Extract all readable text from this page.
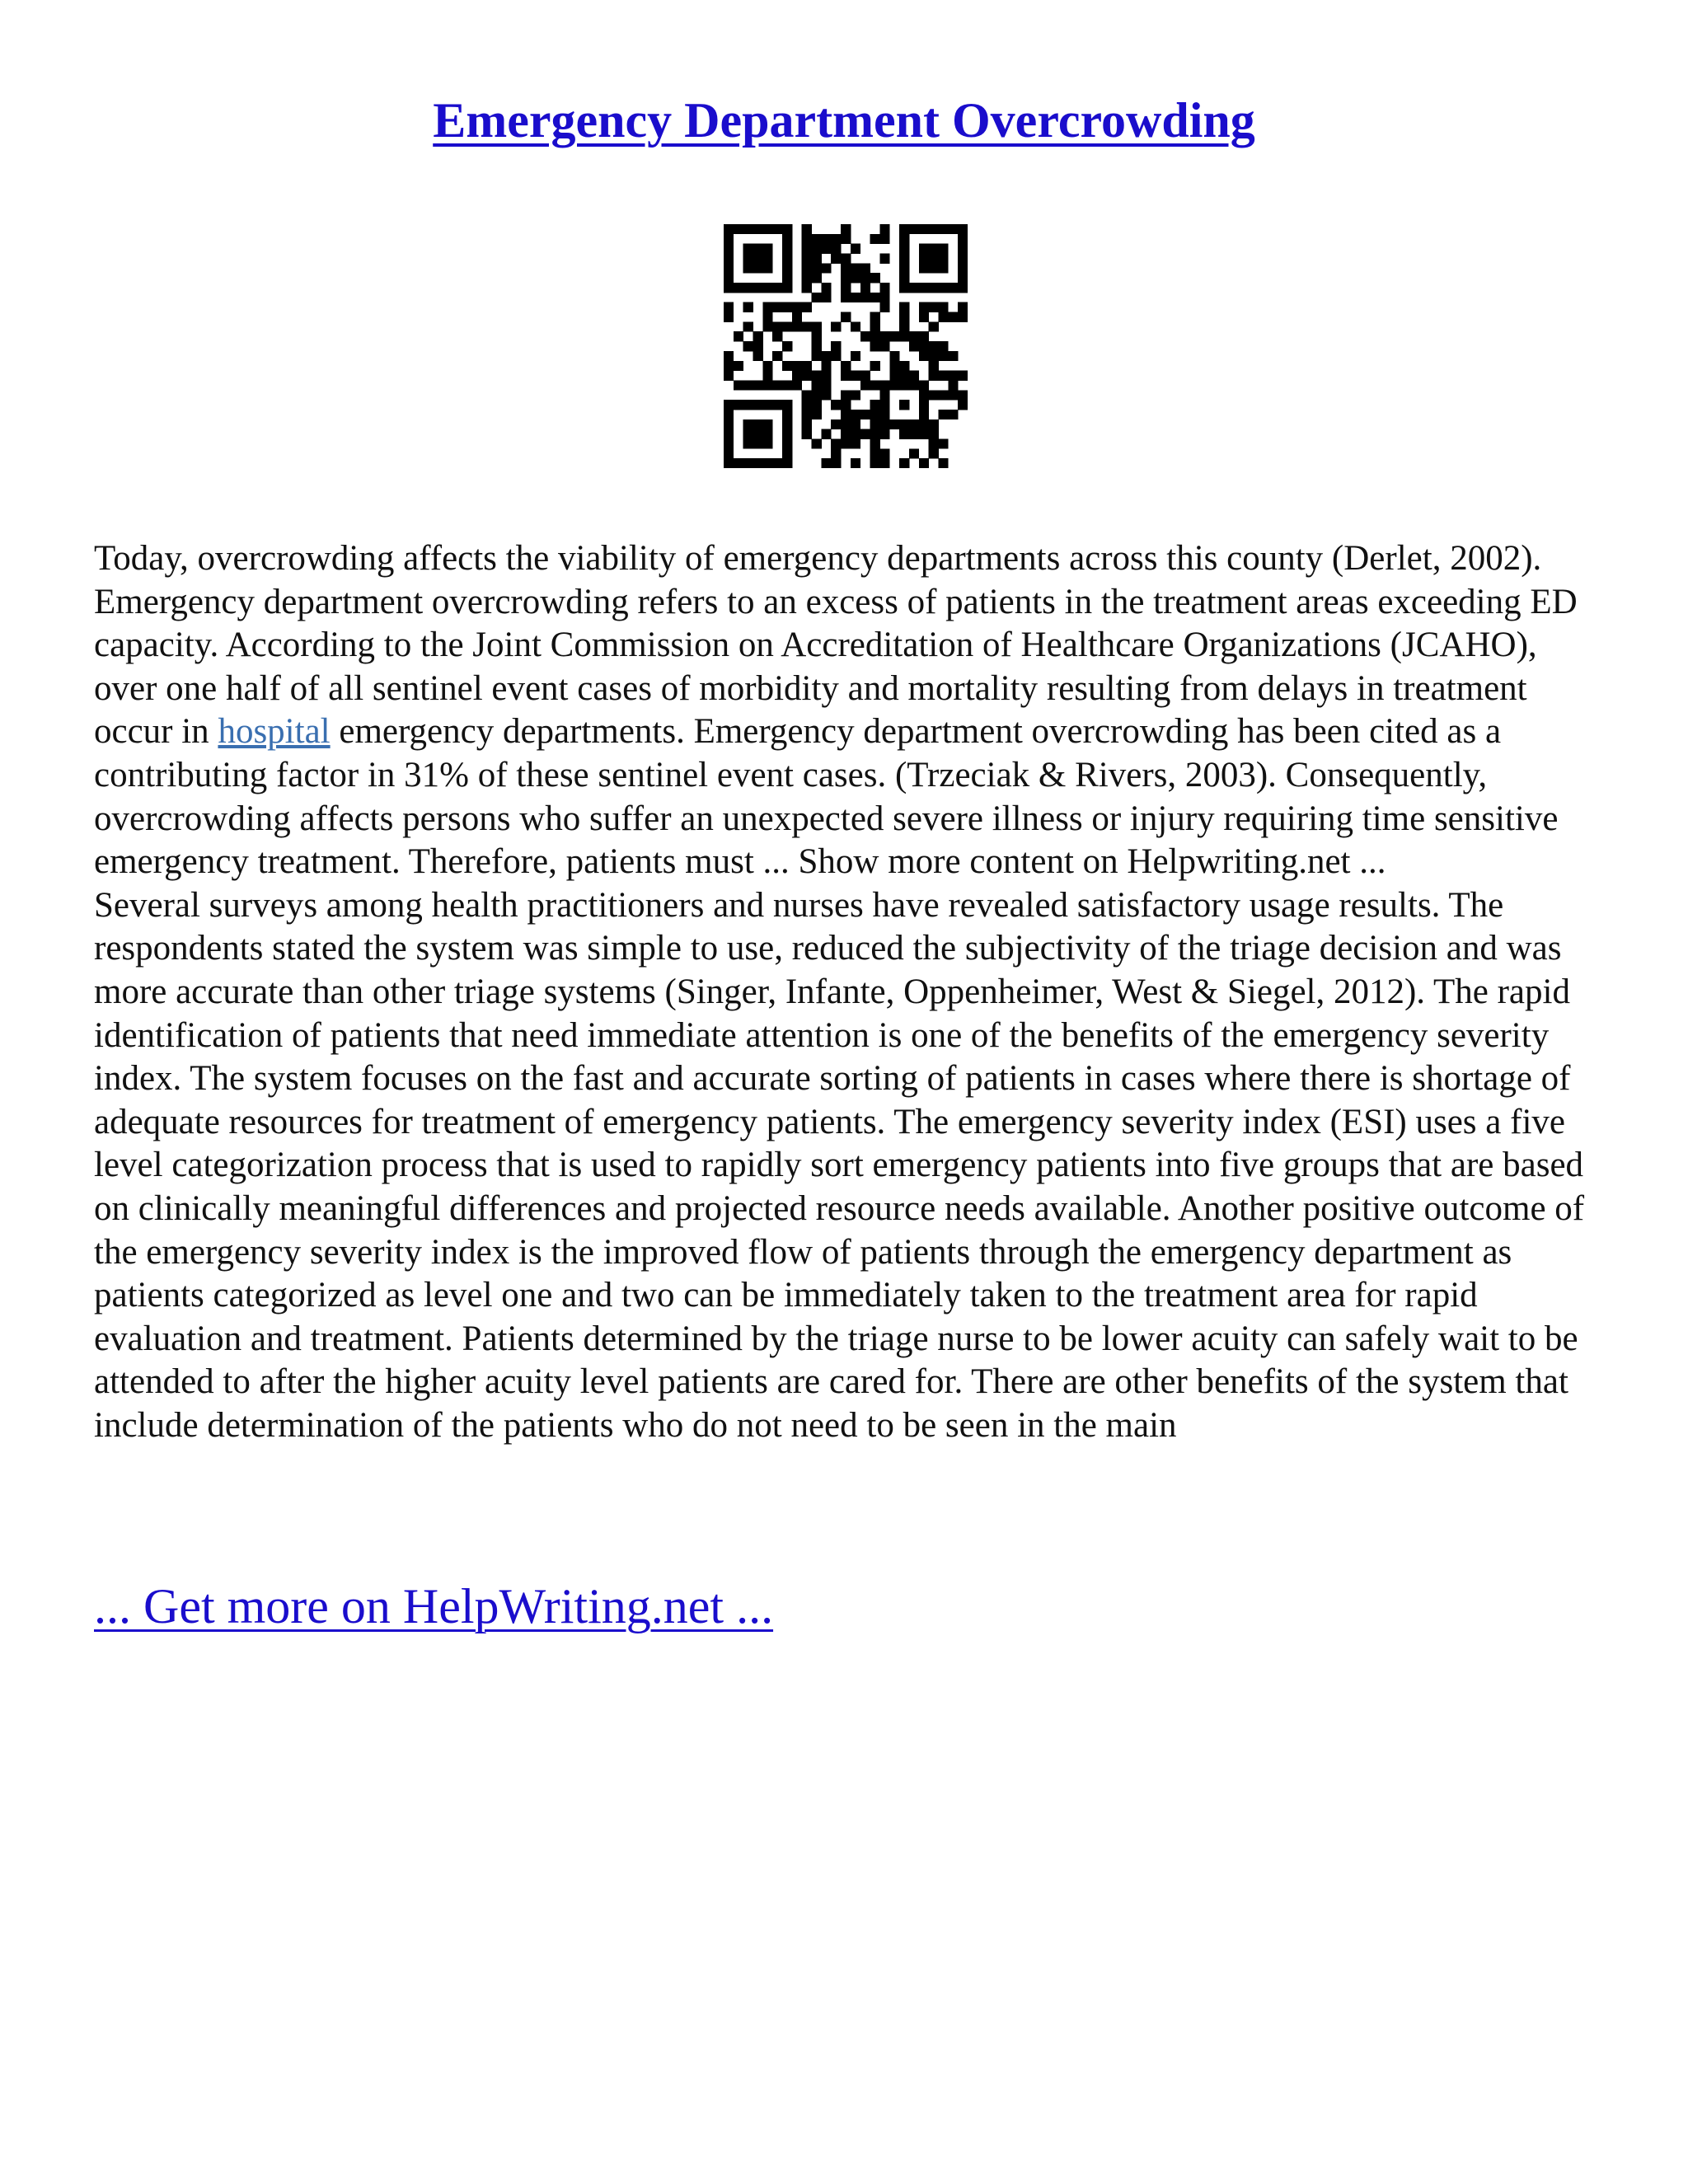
Emergency Department Overcrowding

Today, overcrowding affects the viability of emergency departments across this county (Derlet, 2002). Emergency department overcrowding refers to an excess of patients in the treatment areas exceeding ED capacity. According to the Joint Commission on Accreditation of Healthcare Organizations (JCAHO), over one half of all sentinel event cases of morbidity and mortality resulting from delays in treatment occur in hospital emergency departments. Emergency department overcrowding has been cited as a contributing factor in 31% of these sentinel event cases. (Trzeciak & Rivers, 2003). Consequently, overcrowding affects persons who suffer an unexpected severe illness or injury requiring time sensitive emergency treatment. Therefore, patients must ... Show more content on Helpwriting.net ...

Several surveys among health practitioners and nurses have revealed satisfactory usage results. The respondents stated the system was simple to use, reduced the subjectivity of the triage decision and was more accurate than other triage systems (Singer, Infante, Oppenheimer, West & Siegel, 2012). The rapid identification of patients that need immediate attention is one of the benefits of the emergency severity index. The system focuses on the fast and accurate sorting of patients in cases where there is shortage of adequate resources for treatment of emergency patients. The emergency severity index (ESI) uses a five level categorization process that is used to rapidly sort emergency patients into five groups that are based on clinically meaningful differences and projected resource needs available. Another positive outcome of the emergency severity index is the improved flow of patients through the emergency department as patients categorized as level one and two can be immediately taken to the treatment area for rapid evaluation and treatment. Patients determined by the triage nurse to be lower acuity can safely wait to be attended to after the higher acuity level patients are cared for. There are other benefits of the system that include determination of the patients who do not need to be seen in the main

... Get more on HelpWriting.net ...
